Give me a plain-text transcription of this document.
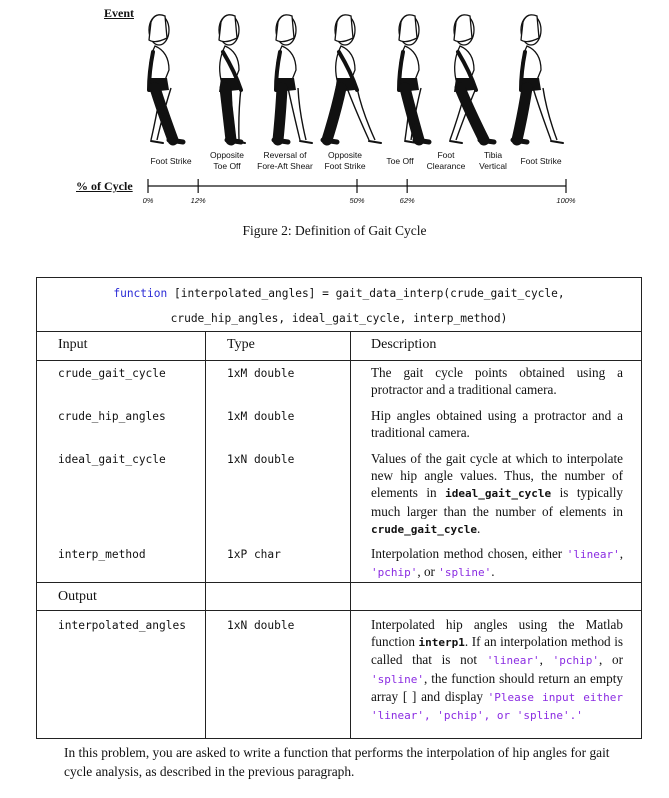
Event
Foot Strike
Opposite
Toe Off
Reversal of
Fore-Aft Shear
Opposite
Foot Strike Toe Off
Foot
Clearance
Tibia
Vertical Foot Strike
% of Cycle
0%	12%	50%	62%	100%
Figure 2: Definition of Gait Cycle
function [interpolated_angles] = gait_data_interp(crude_gait_cycle,
crude_hip_angles, ideal_gait_cycle, interp_method)
Input	Type	Description
crude_gait_cycle	1xM double	The gait cycle points obtained using a protractor and a traditional camera.
crude_hip_angles	1xM double	Hip angles obtained using a protractor and a traditional camera.
ideal_gait_cycle	1xN double	Values of the gait cycle at which to interpolate new hip angle values. Thus, the number of elements in ideal_gait_cycle is typically much larger than the number of elements in crude_gait_cycle.
interp_method	1xP char	Interpolation method chosen, either 'linear', 'pchip', or 'spline'.
Output
interpolated_angles	1xN double	Interpolated hip angles using the Matlab function interp1. If an interpolation method is called that is not 'linear', 'pchip', or 'spline', the function should return an empty array [ ] and display 'Please input either 'linear', 'pchip', or 'spline'.'
In this problem, you are asked to write a function that performs the interpolation of hip angles for gait cycle analysis, as described in the previous paragraph.
